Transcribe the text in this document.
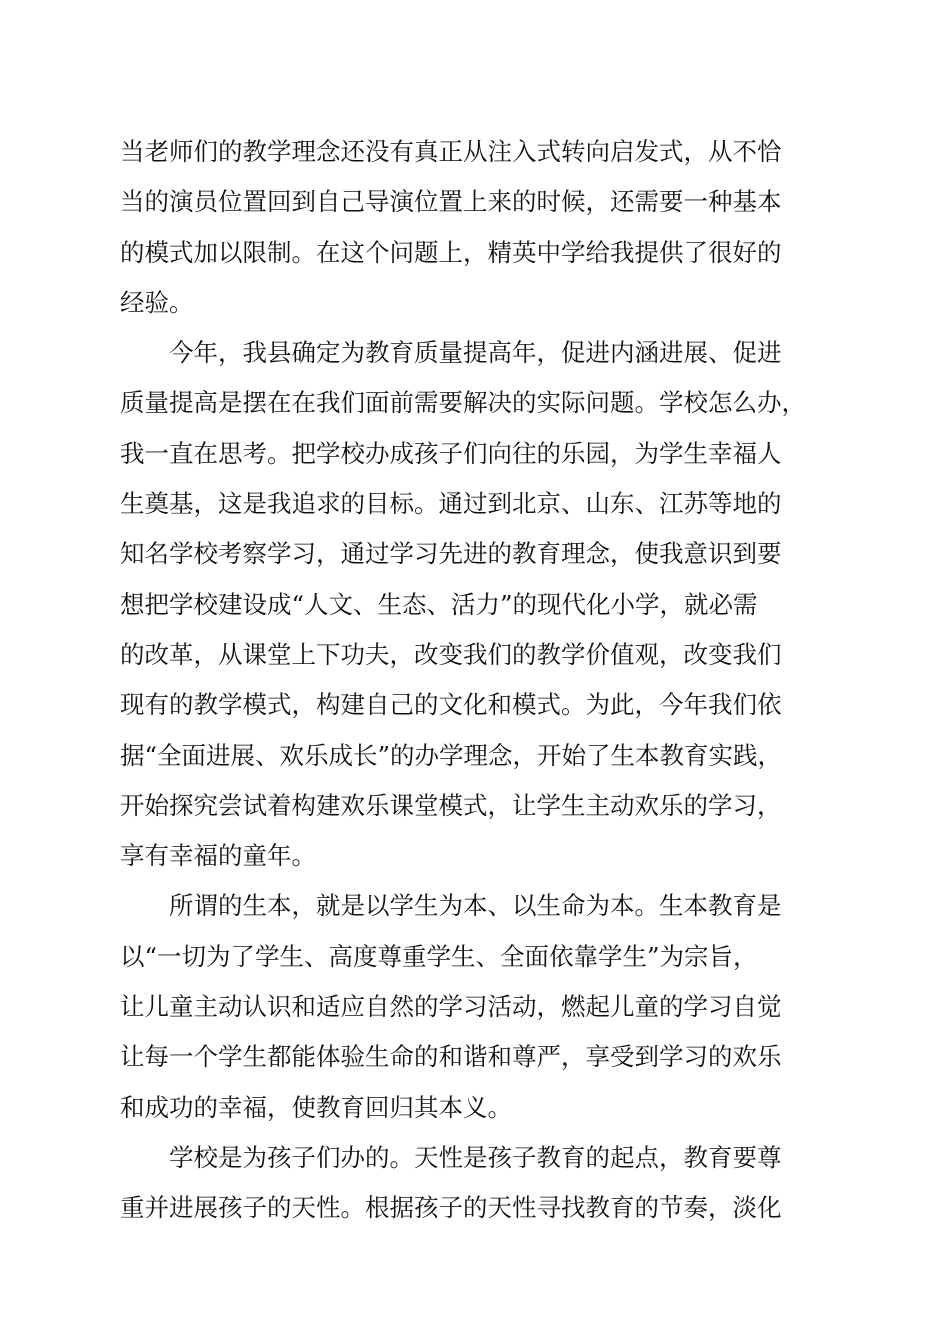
当老师们的教学理念还没有真正从注入式转向启发式，从不恰
当的演员位置回到自己导演位置上来的时候，还需要一种基本
的模式加以限制。在这个问题上，精英中学给我提供了很好的
经验。
今年，我县确定为教育质量提高年，促进内涵进展、促进
质量提高是摆在在我们面前需要解决的实际问题。学校怎么办，
我一直在思考。把学校办成孩子们向往的乐园，为学生幸福人
生奠基，这是我追求的目标。通过到北京、山东、江苏等地的
知名学校考察学习，通过学习先进的教育理念，使我意识到要
想把学校建设成“人文、生态、活力”的现代化小学，就必需
的改革，从课堂上下功夫，改变我们的教学价值观，改变我们
现有的教学模式，构建自己的文化和模式。为此，今年我们依
据“全面进展、欢乐成长”的办学理念，开始了生本教育实践，
开始探究尝试着构建欢乐课堂模式，让学生主动欢乐的学习，
享有幸福的童年。
所谓的生本，就是以学生为本、以生命为本。生本教育是
以“一切为了学生、高度尊重学生、全面依靠学生”为宗旨，
让儿童主动认识和适应自然的学习活动，燃起儿童的学习自觉
让每一个学生都能体验生命的和谐和尊严，享受到学习的欢乐
和成功的幸福，使教育回归其本义。
学校是为孩子们办的。天性是孩子教育的起点，教育要尊
重并进展孩子的天性。根据孩子的天性寻找教育的节奏，淡化
